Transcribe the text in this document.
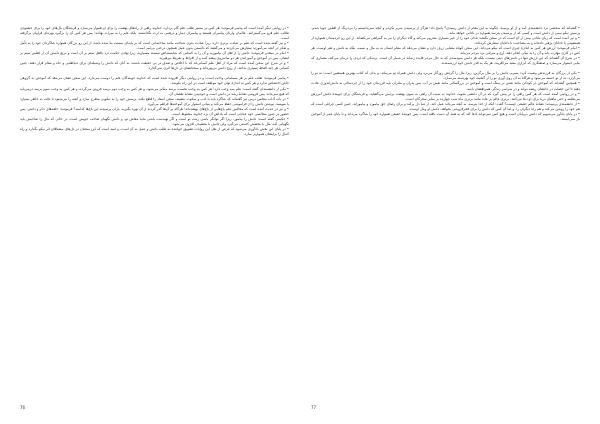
• در روایتی دیگر آمده است که پیامبر فرمودند: هر کس در مسیر طلب علم گام بردارد، خداوند راهی از راه‌های بهشت را برای او هموار می‌سازد و فرشتگان بال‌های خود را برای خشنودی طالب علم فرو می‌گسترانند. عالمان وارثان پیامبران هستند و پیامبران دینار و درهمی به ارث نگذاشتند، بلکه علم را به میراث نهادند؛ پس هر کس آن را برگیرد بهره‌ای فراوان برگرفته است.

• و نیز گفته شده است که علم بر عبادت برتری دارد، زیرا عبادت بدون شناخت مانند ساختمانی است که بر پایه‌ای سست بنا شده باشد. از این رو بزرگان همواره شاگردان خود را به تأمل و تفکر در آنچه می‌آموزند سفارش می‌کردند و می‌گفتند که دانستن بدون عمل همچون درختی بی‌ثمر است.

• امام در سخنی فرمودند: دانش را از اهل آن بیاموزید و آن را به کسانی که شایسته‌اش نیستند مسپارید، زیرا نهادن حکمت نزد نااهل ستم بر آن است و دریغ داشتن آن از اهلش ستم بر ایشان. پس در آموختن و آموزاندن هر دو میانه‌روی پیشه کنید و از افراط و تفریط بپرهیزید.

• و در شرح این سخن آمده است که مراد از اهل علم کسانی‌اند که با اخلاص و صدق در پی حقیقت باشند، نه آنان که دانش را وسیله‌ای برای دنیاطلبی و جاه و مقام قرار دهند. چنین کسانی هر چند الفاظ بسیاری بدانند، از روح دانش بی‌بهره‌اند و سخنانشان در دل‌ها اثری نمی‌گذارد.

• پیامبر فرمودند: طلب علم بر هر مسلمانی واجب است؛ و در روایتی دیگر افزوده شده است که خداوند جویندگان علم را دوست می‌دارد. این سخن نشان می‌دهد که آموختن به گروهی خاص اختصاص ندارد و هر کس به اندازهٔ توان خود موظف است در این راه بکوشد.

• یکی از دانشمندان گفته است: علم سه وجب دارد؛ هر کس به وجب نخست برسد متکبر می‌شود، و هر کس به وجب دوم برسد فروتن می‌گردد، و هر کس به وجب سوم برسد درمی‌یابد که هیچ نمی‌داند. پس فروتنی نشانهٔ رشد در دانش است و خودبینی نشانهٔ نقصان آن.

• در باب آداب مجلس درس نیز گفته‌اند که شاگرد باید با ادب و سکوت بنشیند، سخن استاد را قطع نکند، پرسش خود را به نیکویی مطرح سازد و آنچه را می‌شنود با دقت به خاطر بسپارد یا بنویسد. نوشتن دانش را از فراموشی حفظ می‌کند و بنیانی استوار برای آموخته‌ها فراهم می‌آورد.

• و نیز در حدیث آمده است که مجالس علم باغ‌هایی از باغ‌های بهشت‌اند؛ هرگاه بر آن‌ها گذر کردید از آن بهره بگیرید. یاران پرسیدند این باغ‌ها کدامند؟ فرمودند: حلقه‌های ذکر و دانش. پس حضور در چنین مجالسی خود عبادتی است که پاداش آن نزد خداوند محفوظ است.

• حکیمی گفته است: دانش را بیاموز، زیرا اگر توانگر باشی زینت تو است و اگر تهیدست باشی مایهٔ معاش تو. و دانش نگهبان صاحب خویش است، در حالی که مال را صاحبش باید نگهبانی کند. مال با بخشش کاستی می‌گیرد ولی دانش با بخشیدن افزون می‌شود.

• در پایان این بخش یادآوری می‌شود که غرض از نقل این روایات تشویق خواننده به طلب دانش و عمل به آن است، و امید است که این سخنان در دل‌های مشتاقان اثر نیکو بگذارد و راه کمال را برایشان هموارتر سازد.

76

• گفته‌اند که شخصی نزد دانشمندی آمد و از او پرسید: چگونه به این مقام از دانش رسیدی؟ پاسخ داد: هرگز از پرسیدن شرم نکردم و آنچه نمی‌دانستم را بی‌درنگ از اهلش جویا شدم. پرسش نیکو نیمی از دانش است و کسی که از پرسیدن بترسد همواره در نادانی خواهد ماند.

• و نیز آمده است که زیان نادانی بیش از آن است که در سخن بگنجد؛ نادان خود را از خیر بسیاری محروم می‌کند و گاه دیگران را نیز به گمراهی می‌کشاند. از این رو خردمندان همواره از همنشینی با نادانان پرهیز داده‌اند و به مصاحبت با دانایان سفارش کرده‌اند.

• امام فرمودند: ارزش هر کس به اندازهٔ چیزی است که نیکو می‌داند. این سخن کوتاه معنایی ژرف دارد و نشان می‌دهد که مقام انسان نه به مال و نسب، بلکه به دانش و هنر اوست. هر کس در کاری مهارت یابد و آن را به نیکی انجام دهد، ارج و منزلتی نزد مردم می‌یابد.

• در شرح آن گفته‌اند که این ارزش تنها در دانش‌های دینی نیست، بلکه هر دانش سودمندی که به حال مردم فایده رساند در شمار آن است. پزشکی که دردی را درمان می‌کند، معماری که بنایی استوار می‌سازد و صنعتگری که ابزاری مفید می‌آفریند، هر یک به قدر دانش خود ارزشمندند.

• یکی از بزرگان به فرزندش وصیت کرد: پسرم، دانش را بر مال برگزین، زیرا مال را گردش روزگار می‌برد ولی دانش همراه تو می‌ماند. و بدان که کتاب بهترین همنشین است؛ نه تو را می‌آزارد، نه از تو خسته می‌شود و هرگاه به آن روی آوری تو را از گنجینهٔ خود بهره‌مند می‌سازد.

• همچنین گفته‌اند که آموختن در کودکی مانند نقش بر سنگ است و آموختن در بزرگسالی مانند نقش بر آب. پس پدران و مادران باید فرزندان خود را از خردسالی به دانش‌اندوزی عادت دهند تا این خصلت در جانشان ریشه دواند و در سراسر زندگی همراهشان باشد.

• و در روایتی آمده است که هر کس راهی را در پیش گیرد که در آن دانشی بجوید، خداوند به سبب آن راهی به سوی بهشت برایش می‌گشاید. و فرشتگان برای جویندهٔ دانش آمرزش می‌طلبند و حتی ماهیان دریا برای او دعا می‌کنند. برتری عالم بر عابد مانند برتری ماه شب چهارده بر سایر ستارگان است.

• از دانشمندی پرسیدند: نشانهٔ عالم حقیقی چیست؟ گفت: آنکه از خدا بترسد، به آنچه می‌داند عمل کند، از دنیا دل برکند و برای رضای حق بیاموزد و بیاموزاند. چنین کسی چراغی است که هم خود را روشن می‌کند و هم راه دیگران را. و اما آن کس که دانش را برای فخرفروشی بخواهد، دانش او وبال اوست.

• در پایان یادآور می‌شویم که دانش بی‌پایان است و هیچ کس نمی‌تواند ادعا کند که به همهٔ آن دست یافته است. پس جویندهٔ حقیقی همواره خود را شاگرد می‌داند و تا پایان عمر از آموختن باز نمی‌ایستد.

77
